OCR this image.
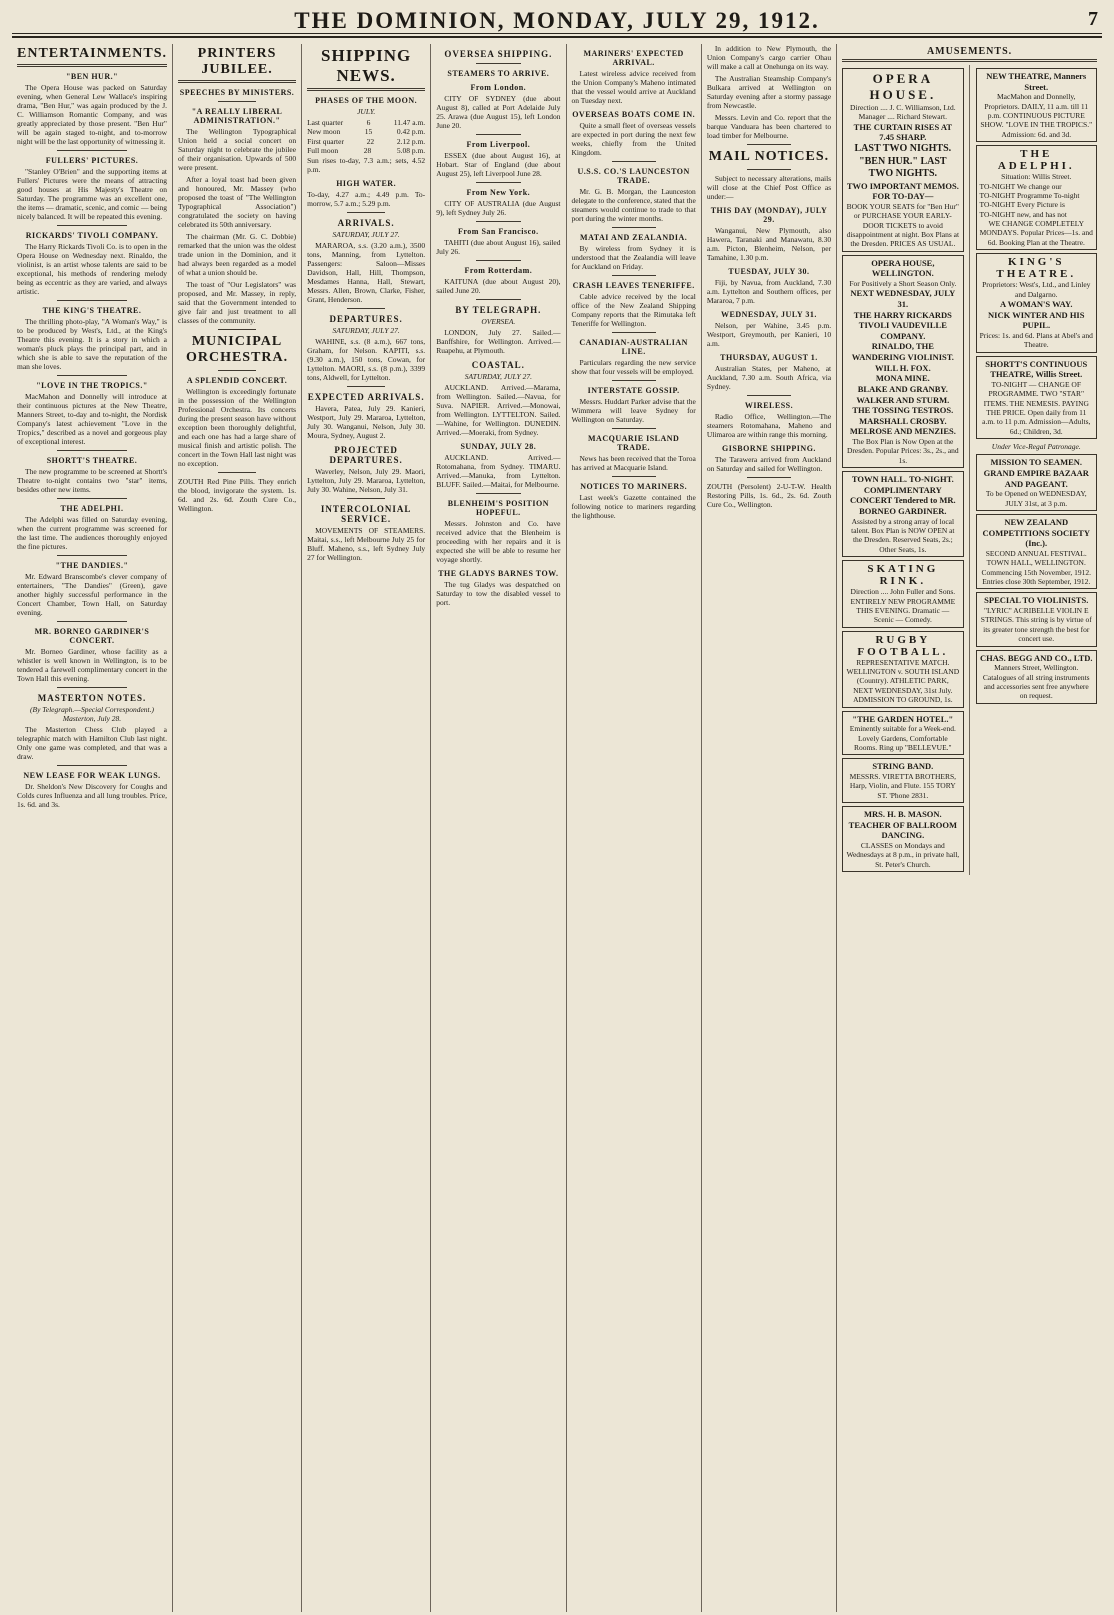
THE DOMINION, MONDAY, JULY 29, 1912.	7
ENTERTAINMENTS.
"BEN HUR."

The Opera House was packed on Saturday evening, when General Lew Wallace's inspiring drama, "Ben Hur," was again produced by the J. C. Williamson Romantic Company, and was greatly appreciated by those present. "Ben Hur" will be again staged to-night, and to-morrow night will be the last opportunity of witnessing it.

FULLERS' PICTURES.

"Stanley O'Brien" and the supporting items at Fullers' Pictures were the means of attracting good houses at His Majesty's Theatre on Saturday. The programme was an excellent one, the items — dramatic, scenic, and comic — being nicely balanced. It will be repeated this evening.

RICKARDS' TIVOLI COMPANY.

The Harry Rickards Tivoli Co. is to open in the Opera House on Wednesday next. Rinaldo, the violinist, is an artist whose talents are said to be exceptional, his methods of rendering melody being as eccentric as they are varied, and always artistic.

THE KING'S THEATRE.

The thrilling photo-play, "A Woman's Way," is to be produced by West's, Ltd., at the King's Theatre this evening. It is a story in which a woman's pluck plays the principal part, and in which she is able to save the reputation of the man she loves.

"LOVE IN THE TROPICS."

MacMahon and Donnelly will introduce at their continuous pictures at the New Theatre, Manners Street, to-day and to-night, the Nordisk Company's latest achievement "Love in the Tropics," described as a novel and gorgeous play of exceptional interest.

SHORTT'S THEATRE.

The new programme to be screened at Shortt's Theatre to-night contains two "star" items, besides other new items.

THE ADELPHI.

The Adelphi was filled on Saturday evening, when the current programme was screened for the last time. The audiences thoroughly enjoyed the fine pictures.

"THE DANDIES."

Mr. Edward Branscombe's clever company of entertainers, "The Dandies" (Green), gave another highly successful performance in the Concert Chamber, Town Hall, on Saturday evening.

MR. BORNEO GARDINER'S CONCERT.

Mr. Borneo Gardiner, whose facility as a whistler is well known in Wellington, is to be tendered a farewell complimentary concert in the Town Hall this evening.

MASTERTON NOTES.
(By Telegraph.—Special Correspondent.) Masterton, July 28.

The Masterton Chess Club played a telegraphic match with Hamilton Club last night. Only one game was completed, and that was a draw.

NEW LEASE FOR WEAK LUNGS.

Dr. Sheldon's New Discovery for Coughs and Colds cures Influenza and all lung troubles. Price, 1s. 6d. and 3s.

PRINTERS JUBILEE.
SPEECHES BY MINISTERS.
"A REALLY LIBERAL ADMINISTRATION."

The Wellington Typographical Union held a social concert on Saturday night to celebrate the jubilee of their organisation. Upwards of 500 were present.

After a loyal toast had been given and honoured, Mr. Massey (who proposed the toast of "The Wellington Typographical Association") congratulated the society on having celebrated its 50th anniversary.

The chairman (Mr. G. C. Dobbie) remarked that the union was the oldest trade union in the Dominion, and it had always been regarded as a model of what a union should be.

The toast of "Our Legislators" was proposed, and Mr. Massey, in reply, said that the Government intended to give fair and just treatment to all classes of the community.

MUNICIPAL ORCHESTRA.
A SPLENDID CONCERT.

Wellington is exceedingly fortunate in the possession of the Wellington Professional Orchestra. Its concerts during the present season have without exception been thoroughly delightful, and each one has had a large share of musical finish and artistic polish. The concert in the Town Hall last night was no exception.

ZOUTH Red Pine Pills. They enrich the blood, invigorate the system. 1s. 6d. and 2s. 6d. Zouth Cure Co., Wellington.

SHIPPING NEWS.
PHASES OF THE MOON.
JULY.
Last quarter	6	11.47 a.m.
New moon	15	0.42 p.m.
First quarter	22	2.12 p.m.
Full moon	28	5.08 p.m.

Sun rises to-day, 7.3 a.m.; sets, 4.52 p.m.

HIGH WATER.

To-day, 4.27 a.m.; 4.49 p.m. To-morrow, 5.7 a.m.; 5.29 p.m.

ARRIVALS.
SATURDAY, JULY 27.

MARAROA, s.s. (3.20 a.m.), 3500 tons, Manning, from Lyttelton. Passengers: Saloon—Misses Davidson, Hall, Hill, Thompson, Mesdames Hanna, Hall, Stewart, Messrs. Allen, Brown, Clarke, Fisher, Grant, Henderson.

DEPARTURES.
SATURDAY, JULY 27.

WAHINE, s.s. (8 a.m.), 667 tons, Graham, for Nelson. KAPITI, s.s. (9.30 a.m.), 150 tons, Cowan, for Lyttelton. MAORI, s.s. (8 p.m.), 3399 tons, Aldwell, for Lyttelton.

EXPECTED ARRIVALS.

Havera, Patea, July 29. Kanieri, Westport, July 29. Mararoa, Lyttelton, July 30. Wanganui, Nelson, July 30. Moura, Sydney, August 2.

PROJECTED DEPARTURES.

Waverley, Nelson, July 29. Maori, Lyttelton, July 29. Mararoa, Lyttelton, July 30. Wahine, Nelson, July 31.

INTERCOLONIAL SERVICE.

MOVEMENTS OF STEAMERS. Maitai, s.s., left Melbourne July 25 for Bluff. Maheno, s.s., left Sydney July 27 for Wellington.

OVERSEA SHIPPING.
STEAMERS TO ARRIVE.
From London.

CITY OF SYDNEY (due about August 8), called at Port Adelaide July 25. Arawa (due August 15), left London June 20.

From Liverpool.

ESSEX (due about August 16), at Hobart. Star of England (due about August 25), left Liverpool June 28.

From New York.

CITY OF AUSTRALIA (due August 9), left Sydney July 26.

From San Francisco.

TAHITI (due about August 16), sailed July 26.

From Rotterdam.

KAITUNA (due about August 20), sailed June 20.

BY TELEGRAPH.
OVERSEA.

LONDON, July 27. Sailed.—Banffshire, for Wellington. Arrived.—Ruapehu, at Plymouth.

COASTAL.
SATURDAY, JULY 27.

AUCKLAND. Arrived.—Marama, from Wellington. Sailed.—Navua, for Suva. NAPIER. Arrived.—Monowai, from Wellington. LYTTELTON. Sailed.—Wahine, for Wellington. DUNEDIN. Arrived.—Moeraki, from Sydney.

SUNDAY, JULY 28.

AUCKLAND. Arrived.—Rotomahana, from Sydney. TIMARU. Arrived.—Manuka, from Lyttelton. BLUFF. Sailed.—Maitai, for Melbourne.

BLENHEIM'S POSITION HOPEFUL.

Messrs. Johnston and Co. have received advice that the Blenheim is proceeding with her repairs and it is expected she will be able to resume her voyage shortly.

THE GLADYS BARNES TOW.

The tug Gladys was despatched on Saturday to tow the disabled vessel to port.

MARINERS' EXPECTED ARRIVAL.

Latest wireless advice received from the Union Company's Maheno intimated that the vessel would arrive at Auckland on Tuesday next.

OVERSEAS BOATS COME IN.

Quite a small fleet of overseas vessels are expected in port during the next few weeks, chiefly from the United Kingdom.

U.S.S. CO.'S LAUNCESTON TRADE.

Mr. G. B. Morgan, the Launceston delegate to the conference, stated that the steamers would continue to trade to that port during the winter months.

MATAI AND ZEALANDIA.

By wireless from Sydney it is understood that the Zealandia will leave for Auckland on Friday.

CRASH LEAVES TENERIFFE.

Cable advice received by the local office of the New Zealand Shipping Company reports that the Rimutaka left Teneriffe for Wellington.

CANADIAN-AUSTRALIAN LINE.

Particulars regarding the new service show that four vessels will be employed.

INTERSTATE GOSSIP.

Messrs. Huddart Parker advise that the Wimmera will leave Sydney for Wellington on Saturday.

MACQUARIE ISLAND TRADE.

News has been received that the Toroa has arrived at Macquarie Island.

NOTICES TO MARINERS.

Last week's Gazette contained the following notice to mariners regarding the lighthouse.

In addition to New Plymouth, the Union Company's cargo carrier Ohau will make a call at Onehunga on its way.

The Australian Steamship Company's Bulkara arrived at Wellington on Saturday evening after a stormy passage from Newcastle.

Messrs. Levin and Co. report that the barque Vanduara has been chartered to load timber for Melbourne.

MAIL NOTICES.

Subject to necessary alterations, mails will close at the Chief Post Office as under:—

THIS DAY (MONDAY), JULY 29.

Wanganui, New Plymouth, also Hawera, Taranaki and Manawatu, 8.30 a.m. Picton, Blenheim, Nelson, per Tamahine, 1.30 p.m.

TUESDAY, JULY 30.

Fiji, by Navua, from Auckland, 7.30 a.m. Lyttelton and Southern offices, per Mararoa, 7 p.m.

WEDNESDAY, JULY 31.

Nelson, per Wahine, 3.45 p.m. Westport, Greymouth, per Kanieri, 10 a.m.

THURSDAY, AUGUST 1.

Australian States, per Maheno, at Auckland, 7.30 a.m. South Africa, via Sydney.

WIRELESS.

Radio Office, Wellington.—The steamers Rotomahana, Maheno and Ulimaroa are within range this morning.

GISBORNE SHIPPING.

The Tarawera arrived from Auckland on Saturday and sailed for Wellington.

ZOUTH (Persolent) 2-U-T-W. Health Restoring Pills, 1s. 6d., 2s. 6d. Zouth Cure Co., Wellington.

AMUSEMENTS.
OPERA HOUSE.
Direction .... J. C. Williamson, Ltd. Manager .... Richard Stewart.
THE CURTAIN RISES AT 7.45 SHARP.
LAST TWO NIGHTS. "BEN HUR." LAST TWO NIGHTS.
TWO IMPORTANT MEMOS. FOR TO-DAY—
BOOK YOUR SEATS for "Ben Hur" or PURCHASE YOUR EARLY-DOOR TICKETS to avoid disappointment at night. Box Plans at the Dresden. PRICES AS USUAL.
OPERA HOUSE, WELLINGTON.
For Positively a Short Season Only.
NEXT WEDNESDAY, JULY 31.
THE HARRY RICKARDS TIVOLI VAUDEVILLE COMPANY.
RINALDO, THE WANDERING VIOLINIST.
WILL H. FOX.
MONA MINE.
BLAKE AND GRANBY.
WALKER AND STURM.
THE TOSSING TESTROS.
MARSHALL CROSBY.
MELROSE AND MENZIES.
The Box Plan is Now Open at the Dresden. Popular Prices: 3s., 2s., and 1s.
TOWN HALL. TO-NIGHT.
COMPLIMENTARY CONCERT Tendered to MR. BORNEO GARDINER.
Assisted by a strong array of local talent. Box Plan is NOW OPEN at the Dresden. Reserved Seats, 2s.; Other Seats, 1s.
SKATING RINK.
Direction .... John Fuller and Sons. ENTIRELY NEW PROGRAMME THIS EVENING. Dramatic — Scenic — Comedy.
RUGBY FOOTBALL.
REPRESENTATIVE MATCH. WELLINGTON v. SOUTH ISLAND (Country). ATHLETIC PARK, NEXT WEDNESDAY, 31st July. ADMISSION TO GROUND, 1s.
"THE GARDEN HOTEL."
Eminently suitable for a Week-end. Lovely Gardens, Comfortable Rooms. Ring up "BELLEVUE."
STRING BAND.
MESSRS. VIRETTA BROTHERS, Harp, Violin, and Flute. 155 TORY ST. 'Phone 2831.
MRS. H. B. MASON. TEACHER OF BALLROOM DANCING.
CLASSES on Mondays and Wednesdays at 8 p.m., in private hall, St. Peter's Church.
NEW THEATRE, Manners Street.
MacMahon and Donnelly, Proprietors. DAILY, 11 a.m. till 11 p.m. CONTINUOUS PICTURE SHOW. "LOVE IN THE TROPICS." Admission: 6d. and 3d.
THE ADELPHI.
Situation: Willis Street.
TO-NIGHT We change our
TO-NIGHT Programme To-night
TO-NIGHT Every Picture is
TO-NIGHT new, and has not
WE CHANGE COMPLETELY MONDAYS. Popular Prices—1s. and 6d. Booking Plan at the Theatre.
KING'S THEATRE.
Proprietors: West's, Ltd., and Linley and Dalgarno.
A WOMAN'S WAY.
NICK WINTER AND HIS PUPIL.
Prices: 1s. and 6d. Plans at Abel's and Theatre.
SHORTT'S CONTINUOUS THEATRE, Willis Street.
TO-NIGHT — CHANGE OF PROGRAMME. TWO "STAR" ITEMS. THE NEMESIS. PAYING THE PRICE. Open daily from 11 a.m. to 11 p.m. Admission—Adults, 6d.; Children, 3d.
Under Vice-Regal Patronage.
MISSION TO SEAMEN.
GRAND EMPIRE BAZAAR AND PAGEANT.
To be Opened on WEDNESDAY, JULY 31st, at 3 p.m.
NEW ZEALAND COMPETITIONS SOCIETY (Inc.).
SECOND ANNUAL FESTIVAL. TOWN HALL, WELLINGTON. Commencing 15th November, 1912. Entries close 30th September, 1912.
SPECIAL TO VIOLINISTS.
"LYRIC" ACRIBELLE VIOLIN E STRINGS. This string is by virtue of its greater tone strength the best for concert use.
CHAS. BEGG AND CO., LTD.
Manners Street, Wellington. Catalogues of all string instruments and accessories sent free anywhere on request.
